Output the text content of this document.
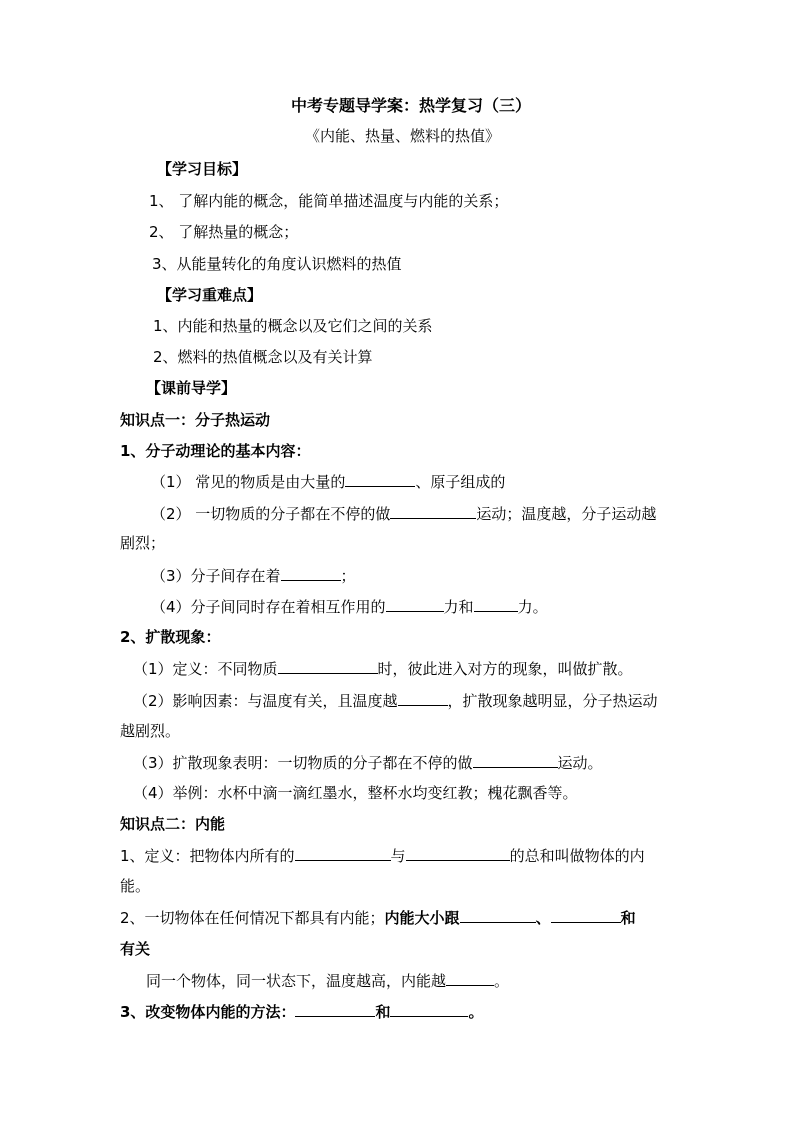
中考专题导学案：热学复习（三）
《内能、热量、燃料的热值》
【学习目标】
1、 了解内能的概念，能简单描述温度与内能的关系；
2、 了解热量的概念；
3、从能量转化的角度认识燃料的热值
【学习重难点】
1、内能和热量的概念以及它们之间的关系
2、燃料的热值概念以及有关计算
【课前导学】
知识点一：分子热运动
1、分子动理论的基本内容：
（1） 常见的物质是由大量的	、原子组成的
（2） 一切物质的分子都在不停的做	运动；温度越，分子运动越
剧烈；
（3）分子间存在着	；
（4）分子间同时存在着相互作用的	力和	力。
2、扩散现象：
（1）定义：不同物质	时，彼此进入对方的现象，叫做扩散。
（2）影响因素：与温度有关，且温度越	，扩散现象越明显，分子热运动
越剧烈。
（3）扩散现象表明：一切物质的分子都在不停的做	运动。
（4）举例：水杯中滴一滴红墨水，整杯水均变红教；槐花飘香等。
知识点二：内能
1、定义：把物体内所有的	与	的总和叫做物体的内
能。
2、一切物体在任何情况下都具有内能；内能大小跟	、	和
有关
同一个物体，同一状态下，温度越高，内能越	。
3、改变物体内能的方法：	和	。
